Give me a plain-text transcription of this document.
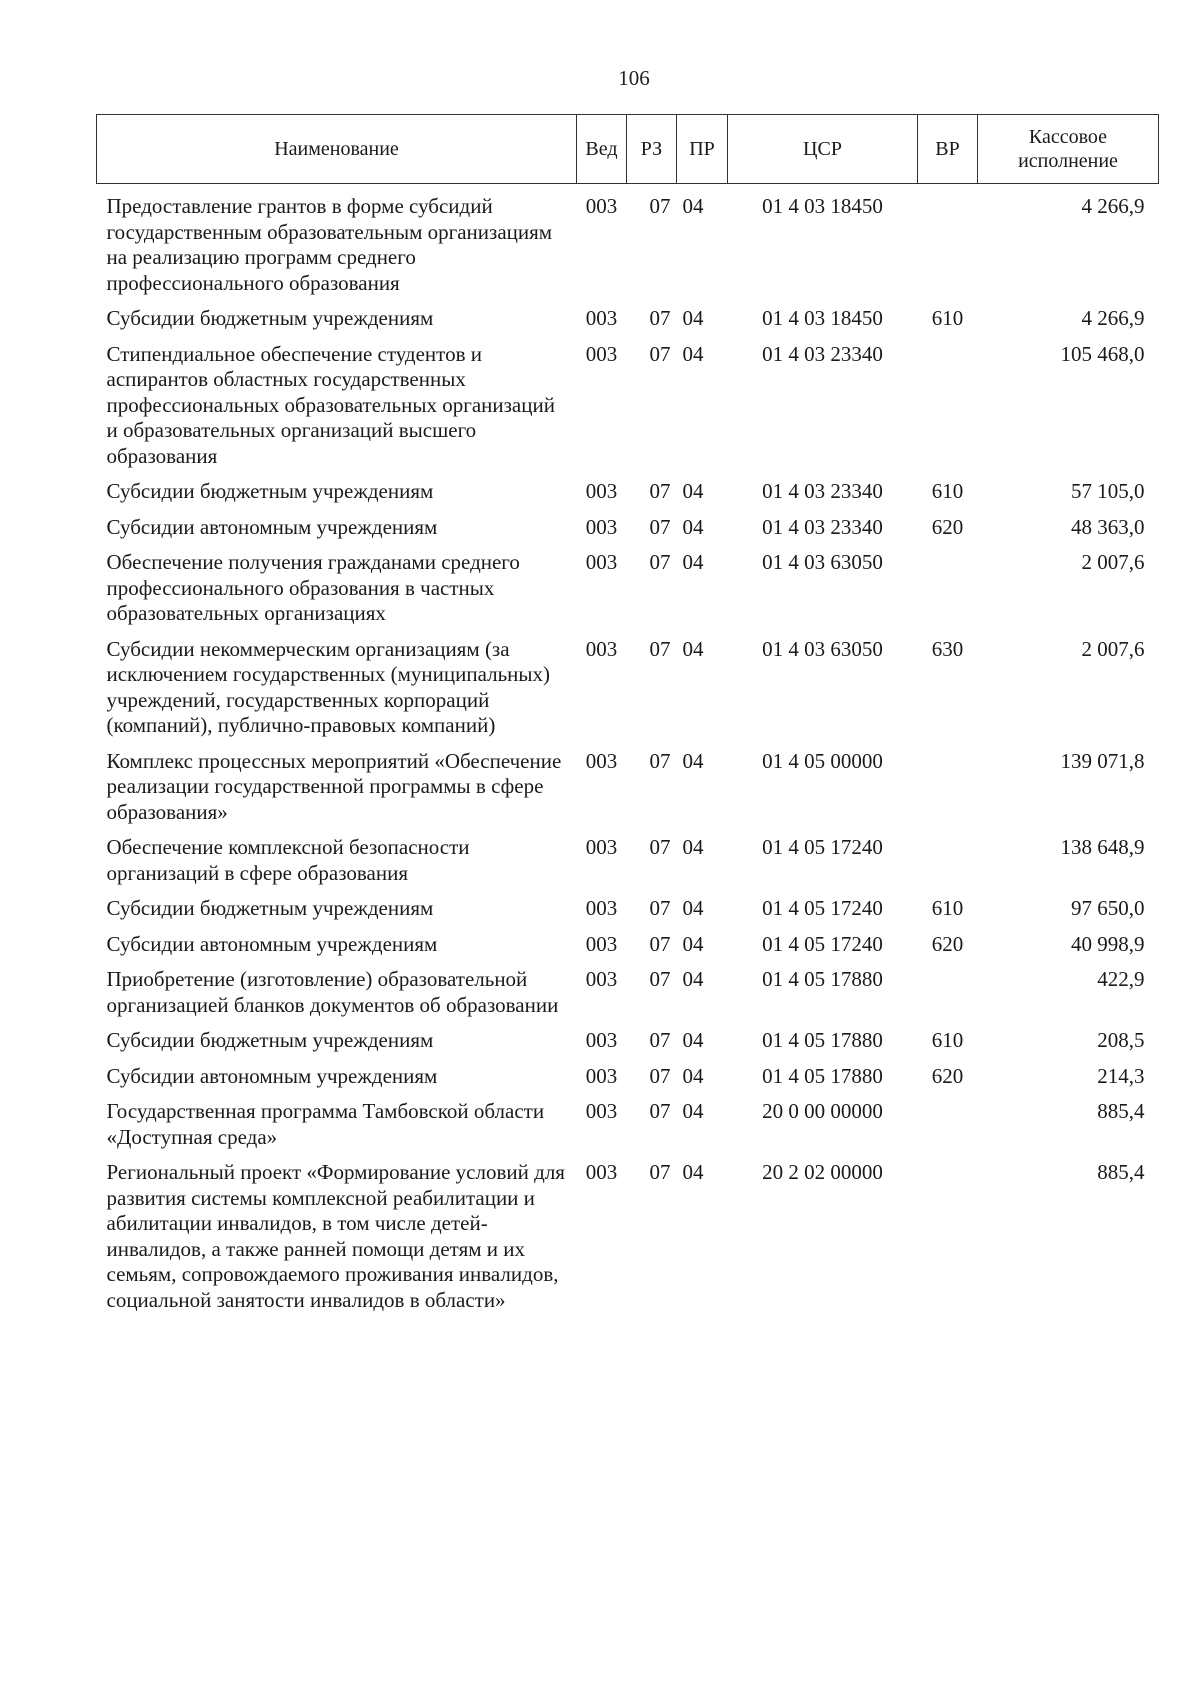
106
Наименование	Вед	РЗ	ПР	ЦСР	ВР	Кассовое исполнение
Предоставление грантов в форме субсидий государственным образовательным организациям на реализацию программ среднего профессионального образования	003	07	04	01 4 03 18450		4 266,9
Субсидии бюджетным учреждениям	003	07	04	01 4 03 18450	610	4 266,9
Стипендиальное обеспечение студентов и аспирантов областных государственных профессиональных образовательных организаций и образовательных организаций высшего образования	003	07	04	01 4 03 23340		105 468,0
Субсидии бюджетным учреждениям	003	07	04	01 4 03 23340	610	57 105,0
Субсидии автономным учреждениям	003	07	04	01 4 03 23340	620	48 363,0
Обеспечение получения гражданами среднего профессионального образования в частных образовательных организациях	003	07	04	01 4 03 63050		2 007,6
Субсидии некоммерческим организациям (за исключением государственных (муниципальных) учреждений, государственных корпораций (компаний), публично-правовых компаний)	003	07	04	01 4 03 63050	630	2 007,6
Комплекс процессных мероприятий «Обеспечение реализации государственной программы в сфере образования»	003	07	04	01 4 05 00000		139 071,8
Обеспечение комплексной безопасности организаций в сфере образования	003	07	04	01 4 05 17240		138 648,9
Субсидии бюджетным учреждениям	003	07	04	01 4 05 17240	610	97 650,0
Субсидии автономным учреждениям	003	07	04	01 4 05 17240	620	40 998,9
Приобретение (изготовление) образовательной организацией бланков документов об образовании	003	07	04	01 4 05 17880		422,9
Субсидии бюджетным учреждениям	003	07	04	01 4 05 17880	610	208,5
Субсидии автономным учреждениям	003	07	04	01 4 05 17880	620	214,3
Государственная программа Тамбовской области «Доступная среда»	003	07	04	20 0 00 00000		885,4
Региональный проект «Формирование условий для развития системы комплексной реабилитации и абилитации инвалидов, в том числе детей-инвалидов, а также ранней помощи детям и их семьям, сопровождаемого проживания инвалидов, социальной занятости инвалидов в области»	003	07	04	20 2 02 00000		885,4
